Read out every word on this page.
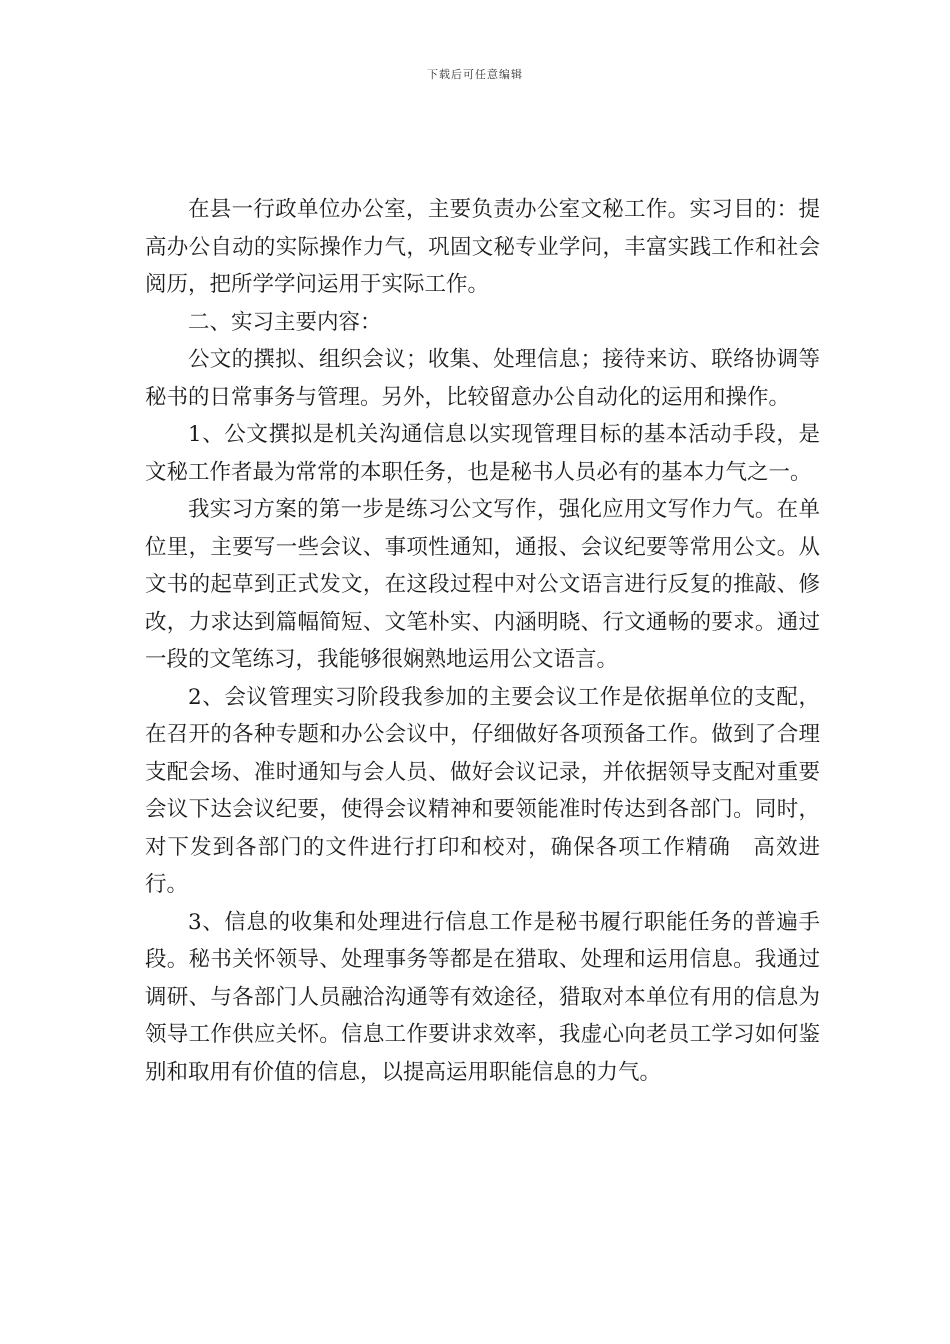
下载后可任意编辑

在县一行政单位办公室，主要负责办公室文秘工作。实习目的：提高办公自动的实际操作力气，巩固文秘专业学问，丰富实践工作和社会阅历，把所学学问运用于实际工作。

二、实习主要内容：

公文的撰拟、组织会议；收集、处理信息；接待来访、联络协调等秘书的日常事务与管理。另外，比较留意办公自动化的运用和操作。

1、公文撰拟是机关沟通信息以实现管理目标的基本活动手段，是文秘工作者最为常常的本职任务，也是秘书人员必有的基本力气之一。

我实习方案的第一步是练习公文写作，强化应用文写作力气。在单位里，主要写一些会议、事项性通知，通报、会议纪要等常用公文。从文书的起草到正式发文，在这段过程中对公文语言进行反复的推敲、修改，力求达到篇幅简短、文笔朴实、内涵明晓、行文通畅的要求。通过一段的文笔练习，我能够很娴熟地运用公文语言。

2、会议管理实习阶段我参加的主要会议工作是依据单位的支配，在召开的各种专题和办公会议中，仔细做好各项预备工作。做到了合理支配会场、准时通知与会人员、做好会议记录，并依据领导支配对重要会议下达会议纪要，使得会议精神和要领能准时传达到各部门。同时，对下发到各部门的文件进行打印和校对，确保各项工作精确　高效进行。

3、信息的收集和处理进行信息工作是秘书履行职能任务的普遍手段。秘书关怀领导、处理事务等都是在猎取、处理和运用信息。我通过调研、与各部门人员融洽沟通等有效途径，猎取对本单位有用的信息为领导工作供应关怀。信息工作要讲求效率，我虚心向老员工学习如何鉴别和取用有价值的信息，以提高运用职能信息的力气。
